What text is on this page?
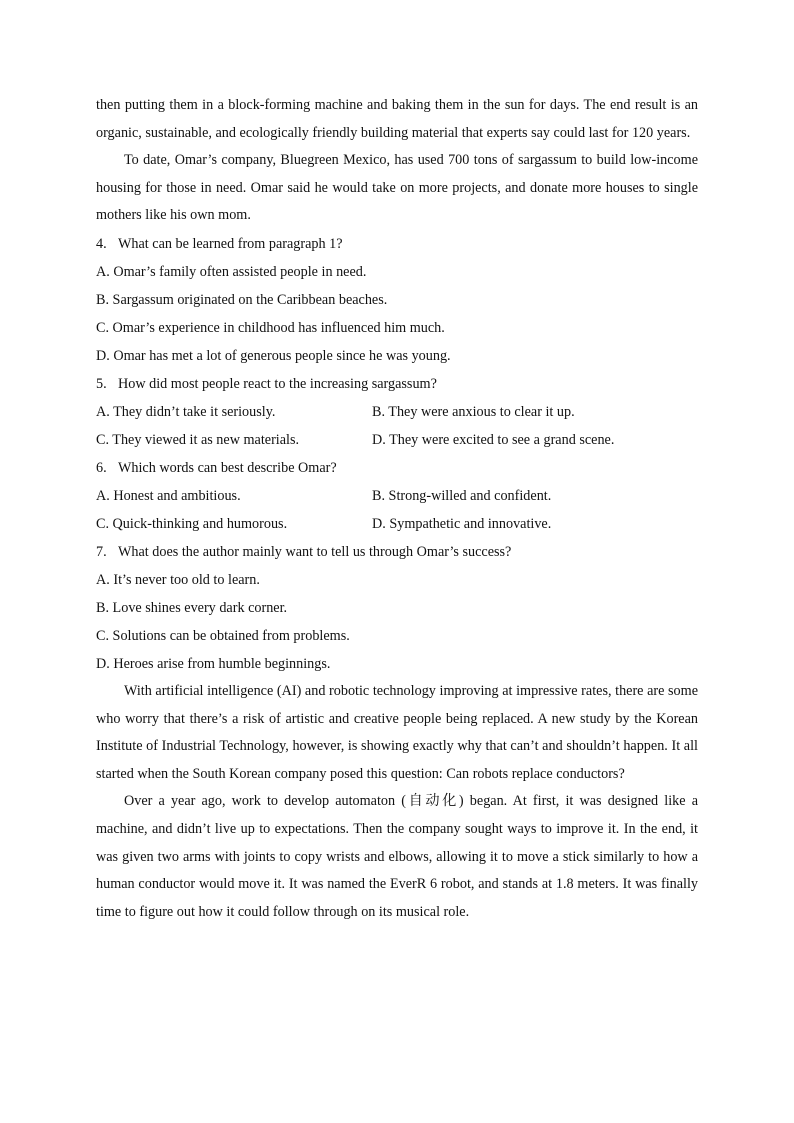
then putting them in a block-forming machine and baking them in the sun for days. The end result is an organic, sustainable, and ecologically friendly building material that experts say could last for 120 years.

To date, Omar’s company, Bluegreen Mexico, has used 700 tons of sargassum to build low-income housing for those in need. Omar said he would take on more projects, and donate more houses to single mothers like his own mom.

4. What can be learned from paragraph 1?

A. Omar’s family often assisted people in need.

B. Sargassum originated on the Caribbean beaches.

C. Omar’s experience in childhood has influenced him much.

D. Omar has met a lot of generous people since he was young.

5. How did most people react to the increasing sargassum?

A. They didn’t take it seriously.	B. They were anxious to clear it up.
C. They viewed it as new materials.	D. They were excited to see a grand scene.

6. Which words can best describe Omar?

A. Honest and ambitious.	B. Strong-willed and confident.
C. Quick-thinking and humorous.	D. Sympathetic and innovative.

7. What does the author mainly want to tell us through Omar’s success?

A. It’s never too old to learn.

B. Love shines every dark corner.

C. Solutions can be obtained from problems.

D. Heroes arise from humble beginnings.

With artificial intelligence (AI) and robotic technology improving at impressive rates, there are some who worry that there’s a risk of artistic and creative people being replaced. A new study by the Korean Institute of Industrial Technology, however, is showing exactly why that can’t and shouldn’t happen. It all started when the South Korean company posed this question: Can robots replace conductors?

Over a year ago, work to develop automaton (自动化) began. At first, it was designed like a machine, and didn’t live up to expectations. Then the company sought ways to improve it. In the end, it was given two arms with joints to copy wrists and elbows, allowing it to move a stick similarly to how a human conductor would move it. It was named the EverR 6 robot, and stands at 1.8 meters. It was finally time to figure out how it could follow through on its musical role.
